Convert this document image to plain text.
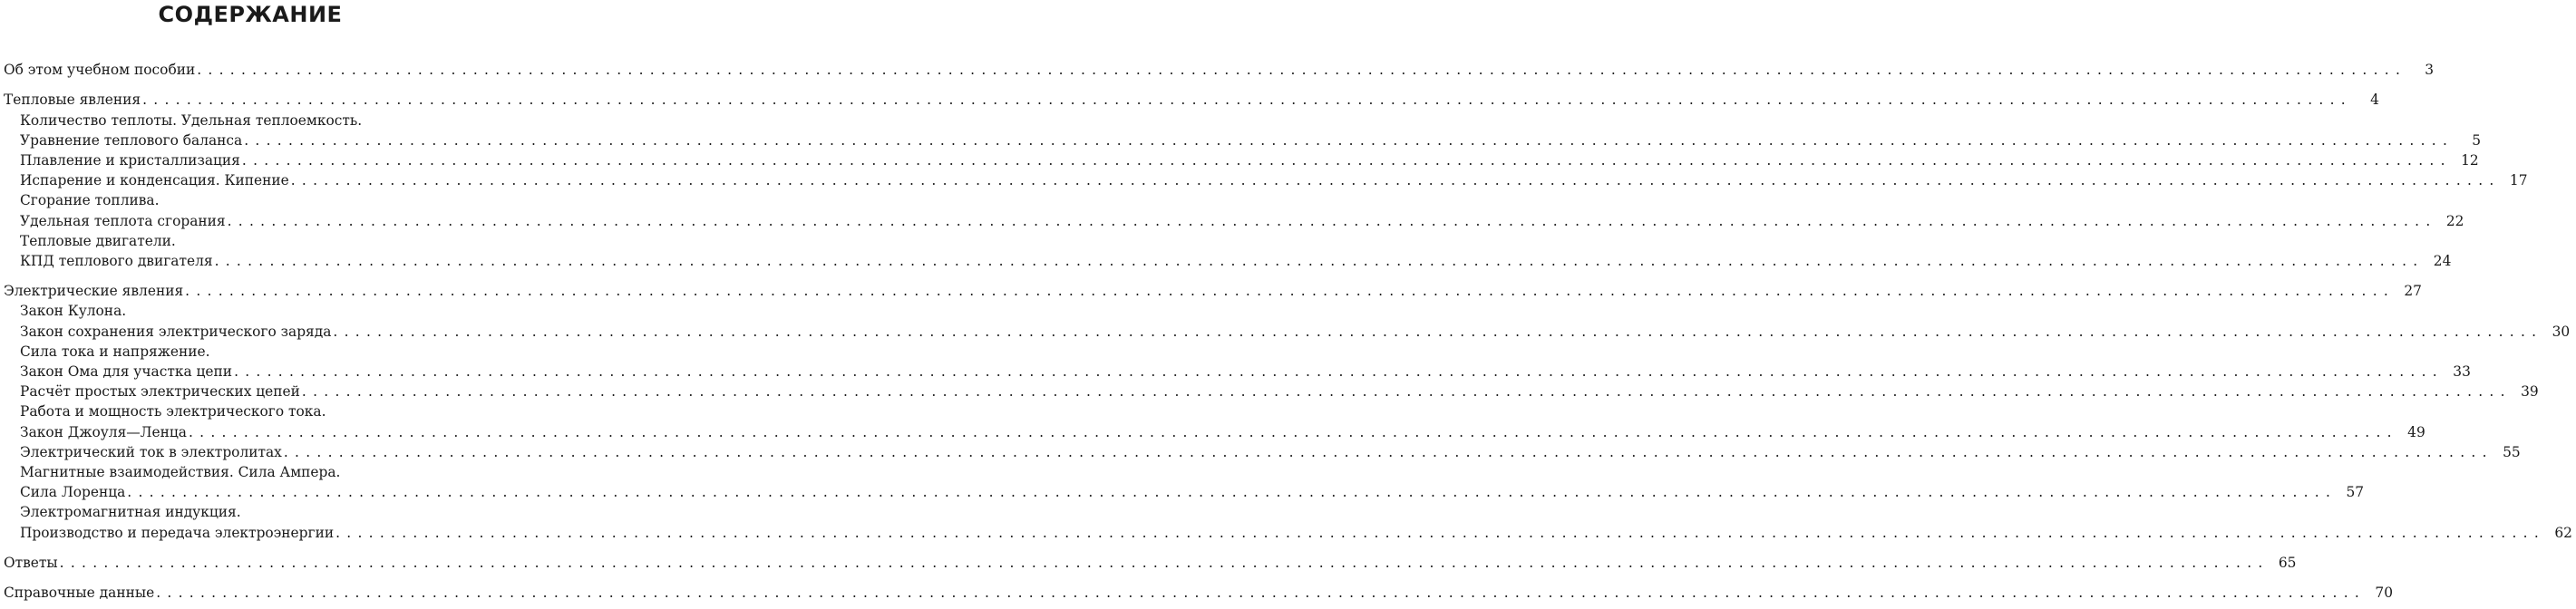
СОДЕРЖАНИЕ
Об этом учебном пособии . . . . . . . . . . . . . . . . . . . . . . . . . . . . . . . . . . . . . . . . . . . . . . . . . . . . . . . . . . . . . . . . . . . . . . . . . . . . . . . . . . . . . . . . . . . . . . . . . . . . . . . . . . . . . . . . . . . . . . . . . . . . . . . . . . . . . . . . . . . . . . . . . . . . . . . . . . . . . . . . . . . . . . . . . . . . . . . . . . . . . . . . . . . . . . . . . . . . . . . .	3
Тепловые явления . . . . . . . . . . . . . . . . . . . . . . . . . . . . . . . . . . . . . . . . . . . . . . . . . . . . . . . . . . . . . . . . . . . . . . . . . . . . . . . . . . . . . . . . . . . . . . . . . . . . . . . . . . . . . . . . . . . . . . . . . . . . . . . . . . . . . . . . . . . . . . . . . . . . . . . . . . . . . . . . . . . . . . . . . . . . . . . . . . . . . . . . . . . . . . . . . . . . . . . .	4
Количество теплоты. Удельная теплоемкость.
Уравнение теплового баланса . . . . . . . . . . . . . . . . . . . . . . . . . . . . . . . . . . . . . . . . . . . . . . . . . . . . . . . . . . . . . . . . . . . . . . . . . . . . . . . . . . . . . . . . . . . . . . . . . . . . . . . . . . . . . . . . . . . . . . . . . . . . . . . . . . . . . . . . . . . . . . . . . . . . . . . . . . . . . . . . . . . . . . . . . . . . . . . . . . . . . . . . . . . . . . . . . . . . . . . .	5
Плавление и кристаллизация . . . . . . . . . . . . . . . . . . . . . . . . . . . . . . . . . . . . . . . . . . . . . . . . . . . . . . . . . . . . . . . . . . . . . . . . . . . . . . . . . . . . . . . . . . . . . . . . . . . . . . . . . . . . . . . . . . . . . . . . . . . . . . . . . . . . . . . . . . . . . . . . . . . . . . . . . . . . . . . . . . . . . . . . . . . . . . . . . . . . . . . . . . . . . . . . . . . . . . . .	12
Испарение и конденсация. Кипение . . . . . . . . . . . . . . . . . . . . . . . . . . . . . . . . . . . . . . . . . . . . . . . . . . . . . . . . . . . . . . . . . . . . . . . . . . . . . . . . . . . . . . . . . . . . . . . . . . . . . . . . . . . . . . . . . . . . . . . . . . . . . . . . . . . . . . . . . . . . . . . . . . . . . . . . . . . . . . . . . . . . . . . . . . . . . . . . . . . . . . . . . . . . . . . . . . . . . . . .	17
Сгорание топлива.
Удельная теплота сгорания . . . . . . . . . . . . . . . . . . . . . . . . . . . . . . . . . . . . . . . . . . . . . . . . . . . . . . . . . . . . . . . . . . . . . . . . . . . . . . . . . . . . . . . . . . . . . . . . . . . . . . . . . . . . . . . . . . . . . . . . . . . . . . . . . . . . . . . . . . . . . . . . . . . . . . . . . . . . . . . . . . . . . . . . . . . . . . . . . . . . . . . . . . . . . . . . . . . . . . . .	22
Тепловые двигатели.
КПД теплового двигателя . . . . . . . . . . . . . . . . . . . . . . . . . . . . . . . . . . . . . . . . . . . . . . . . . . . . . . . . . . . . . . . . . . . . . . . . . . . . . . . . . . . . . . . . . . . . . . . . . . . . . . . . . . . . . . . . . . . . . . . . . . . . . . . . . . . . . . . . . . . . . . . . . . . . . . . . . . . . . . . . . . . . . . . . . . . . . . . . . . . . . . . . . . . . . . . . . . . . . . . .	24
Электрические явления . . . . . . . . . . . . . . . . . . . . . . . . . . . . . . . . . . . . . . . . . . . . . . . . . . . . . . . . . . . . . . . . . . . . . . . . . . . . . . . . . . . . . . . . . . . . . . . . . . . . . . . . . . . . . . . . . . . . . . . . . . . . . . . . . . . . . . . . . . . . . . . . . . . . . . . . . . . . . . . . . . . . . . . . . . . . . . . . . . . . . . . . . . . . . . . . . . . . . . . .	27
Закон Кулона.
Закон сохранения электрического заряда . . . . . . . . . . . . . . . . . . . . . . . . . . . . . . . . . . . . . . . . . . . . . . . . . . . . . . . . . . . . . . . . . . . . . . . . . . . . . . . . . . . . . . . . . . . . . . . . . . . . . . . . . . . . . . . . . . . . . . . . . . . . . . . . . . . . . . . . . . . . . . . . . . . . . . . . . . . . . . . . . . . . . . . . . . . . . . . . . . . . . . . . . . . . . . . . . . . . . . . .	30
Сила тока и напряжение.
Закон Ома для участка цепи . . . . . . . . . . . . . . . . . . . . . . . . . . . . . . . . . . . . . . . . . . . . . . . . . . . . . . . . . . . . . . . . . . . . . . . . . . . . . . . . . . . . . . . . . . . . . . . . . . . . . . . . . . . . . . . . . . . . . . . . . . . . . . . . . . . . . . . . . . . . . . . . . . . . . . . . . . . . . . . . . . . . . . . . . . . . . . . . . . . . . . . . . . . . . . . . . . . . . . . .	33
Расчёт простых электрических цепей . . . . . . . . . . . . . . . . . . . . . . . . . . . . . . . . . . . . . . . . . . . . . . . . . . . . . . . . . . . . . . . . . . . . . . . . . . . . . . . . . . . . . . . . . . . . . . . . . . . . . . . . . . . . . . . . . . . . . . . . . . . . . . . . . . . . . . . . . . . . . . . . . . . . . . . . . . . . . . . . . . . . . . . . . . . . . . . . . . . . . . . . . . . . . . . . . . . . . . . .	39
Работа и мощность электрического тока.
Закон Джоуля—Ленца . . . . . . . . . . . . . . . . . . . . . . . . . . . . . . . . . . . . . . . . . . . . . . . . . . . . . . . . . . . . . . . . . . . . . . . . . . . . . . . . . . . . . . . . . . . . . . . . . . . . . . . . . . . . . . . . . . . . . . . . . . . . . . . . . . . . . . . . . . . . . . . . . . . . . . . . . . . . . . . . . . . . . . . . . . . . . . . . . . . . . . . . . . . . . . . . . . . . . . . .	49
Электрический ток в электролитах . . . . . . . . . . . . . . . . . . . . . . . . . . . . . . . . . . . . . . . . . . . . . . . . . . . . . . . . . . . . . . . . . . . . . . . . . . . . . . . . . . . . . . . . . . . . . . . . . . . . . . . . . . . . . . . . . . . . . . . . . . . . . . . . . . . . . . . . . . . . . . . . . . . . . . . . . . . . . . . . . . . . . . . . . . . . . . . . . . . . . . . . . . . . . . . . . . . . . . . .	55
Магнитные взаимодействия. Сила Ампера.
Сила Лоренца . . . . . . . . . . . . . . . . . . . . . . . . . . . . . . . . . . . . . . . . . . . . . . . . . . . . . . . . . . . . . . . . . . . . . . . . . . . . . . . . . . . . . . . . . . . . . . . . . . . . . . . . . . . . . . . . . . . . . . . . . . . . . . . . . . . . . . . . . . . . . . . . . . . . . . . . . . . . . . . . . . . . . . . . . . . . . . . . . . . . . . . . . . . . . . . . . . . . . . . .	57
Электромагнитная индукция.
Производство и передача электроэнергии . . . . . . . . . . . . . . . . . . . . . . . . . . . . . . . . . . . . . . . . . . . . . . . . . . . . . . . . . . . . . . . . . . . . . . . . . . . . . . . . . . . . . . . . . . . . . . . . . . . . . . . . . . . . . . . . . . . . . . . . . . . . . . . . . . . . . . . . . . . . . . . . . . . . . . . . . . . . . . . . . . . . . . . . . . . . . . . . . . . . . . . . . . . . . . . . . . . . . . . .	62
Ответы . . . . . . . . . . . . . . . . . . . . . . . . . . . . . . . . . . . . . . . . . . . . . . . . . . . . . . . . . . . . . . . . . . . . . . . . . . . . . . . . . . . . . . . . . . . . . . . . . . . . . . . . . . . . . . . . . . . . . . . . . . . . . . . . . . . . . . . . . . . . . . . . . . . . . . . . . . . . . . . . . . . . . . . . . . . . . . . . . . . . . . . . . . . . . . . . . . . . . . . .	65
Справочные данные . . . . . . . . . . . . . . . . . . . . . . . . . . . . . . . . . . . . . . . . . . . . . . . . . . . . . . . . . . . . . . . . . . . . . . . . . . . . . . . . . . . . . . . . . . . . . . . . . . . . . . . . . . . . . . . . . . . . . . . . . . . . . . . . . . . . . . . . . . . . . . . . . . . . . . . . . . . . . . . . . . . . . . . . . . . . . . . . . . . . . . . . . . . . . . . . . . . . . . . .	70
